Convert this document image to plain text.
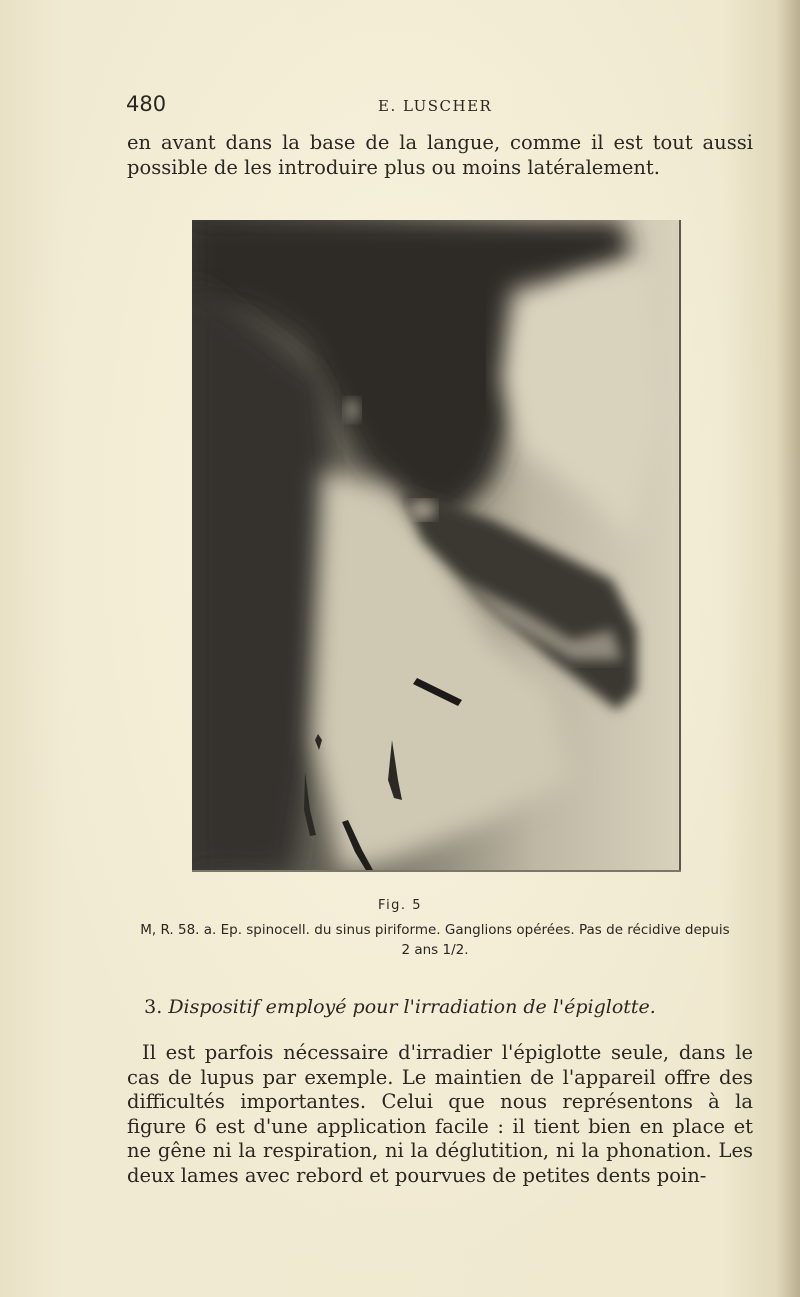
480	E. LUSCHER

en avant dans la base de la langue, comme il est tout aussi possible de les introduire plus ou moins latéralement.

Fig. 5
M, R. 58. a. Ep. spinocell. du sinus piriforme. Ganglions opérées. Pas de récidive depuis 2 ans 1/2.
3. Dispositif employé pour l'irradiation de l'épiglotte.

Il est parfois nécessaire d'irradier l'épiglotte seule, dans le cas de lupus par exemple. Le maintien de l'appareil offre des difficultés importantes. Celui que nous représentons à la figure 6 est d'une application facile : il tient bien en place et ne gêne ni la respiration, ni la déglutition, ni la phonation. Les deux lames avec rebord et pourvues de petites dents poin-
